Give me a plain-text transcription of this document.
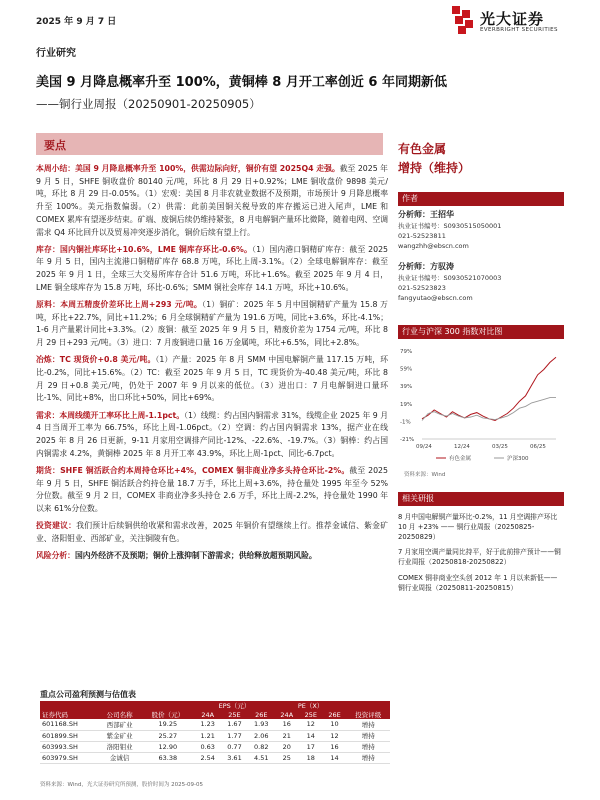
2025 年 9 月 7 日	光大证券
EVERBRIGHT SECURITIES
行业研究
美国 9 月降息概率升至 100%，黄铜棒 8 月开工率创近 6 年同期新低
——铜行业周报（20250901-20250905）
要点

本周小结：美国 9 月降息概率升至 100%，供需边际向好，铜价有望 2025Q4 走强。截至 2025 年 9 月 5 日，SHFE 铜收盘价 80140 元/吨，环比 8 月 29 日+0.92%；LME 铜收盘价 9898 美元/吨，环比 8 月 29 日-0.05%。（1）宏观：美国 8 月非农就业数据不及预期，市场预计 9 月降息概率升至 100%。美元指数偏弱。（2）供需：此前美国铜关税导致的库存搬运已进入尾声，LME 和 COMEX 累库有望逐步结束。矿端、废铜后续仍维持紧张，8 月电解铜产量环比微降，随着电网、空调需求 Q4 环比回升以及贸易冲突逐步消化，铜价后续有望上行。

库存：国内铜社库环比+10.6%，LME 铜库存环比-0.6%。（1）国内港口铜精矿库存：截至 2025 年 9 月 5 日，国内主流港口铜精矿库存 68.8 万吨，环比上周-3.1%。（2）全球电解铜库存：截至 2025 年 9 月 1 日，全球三大交易所库存合计 51.6 万吨，环比+1.6%。截至 2025 年 9 月 4 日，LME 铜全球库存为 15.8 万吨，环比-0.6%；SMM 铜社会库存 14.1 万吨，环比+10.6%。

原料：本周五精废价差环比上周+293 元/吨。（1）铜矿：2025 年 5 月中国铜精矿产量为 15.8 万吨，环比+22.7%，同比+11.2%；6 月全球铜精矿产量为 191.6 万吨，同比+3.6%，环比-4.1%；1-6 月产量累计同比+3.3%。（2）废铜：截至 2025 年 9 月 5 日，精废价差为 1754 元/吨，环比 8 月 29 日+293 元/吨。（3）进口：7 月废铜进口量 16 万金属吨，环比+6.5%，同比+2.8%。

冶炼：TC 现货价+0.8 美元/吨。（1）产量：2025 年 8 月 SMM 中国电解铜产量 117.15 万吨，环比-0.2%，同比+15.6%。（2）TC：截至 2025 年 9 月 5 日，TC 现货价为-40.48 美元/吨，环比 8 月 29 日+0.8 美元/吨，仍处于 2007 年 9 月以来的低位。（3）进出口：7 月电解铜进口量环比-1%、同比+8%，出口环比+50%，同比+69%。

需求：本周线缆开工率环比上周-1.1pct。（1）线缆：约占国内铜需求 31%，线缆企业 2025 年 9 月 4 日当周开工率为 66.75%，环比上周-1.06pct。（2）空调：约占国内铜需求 13%，据产业在线 2025 年 8 月 26 日更新，9-11 月家用空调排产同比-12%、-22.6%、-19.7%。（3）铜棒：约占国内铜需求 4.2%，黄铜棒 2025 年 8 月开工率 43.9%，环比上周-1pct、同比-6.7pct。

期货：SHFE 铜活跃合约本周持仓环比+4%，COMEX 铜非商业净多头持仓环比-2%。截至 2025 年 9 月 5 日，SHFE 铜活跃合约持仓量 18.7 万手，环比上周+3.6%，持仓量处 1995 年至今 52%分位数。截至 9 月 2 日，COMEX 非商业净多头持仓 2.6 万手，环比上周-2.2%，持仓量处 1990 年以来 61%分位数。

投资建议：我们预计后续铜供给收紧和需求改善，2025 年铜价有望继续上行。推荐金诚信、紫金矿业、洛阳钼业、西部矿业，关注铜陵有色。

风险分析：国内外经济不及预期；铜价上涨抑制下游需求；供给释放超预期风险。

重点公司盈利预测与估值表
			EPS（元）			PE（X）			
证券代码	公司名称	股价（元）	24A	25E	26E	24A	25E	26E	投资评级
601168.SH	西部矿业	19.25	1.23	1.67	1.93	16	12	10	增持
601899.SH	紫金矿业	25.27	1.21	1.77	2.06	21	14	12	增持
603993.SH	洛阳钼业	12.90	0.63	0.77	0.82	20	17	16	增持
603979.SH	金诚信	63.38	2.54	3.61	4.51	25	18	14	增持
资料来源：Wind，光大证券研究所预测，股价时间为 2025-09-05
有色金属
增持（维持）
作者
分析师：王招华
执业证书编号：S0930515050001
021-52523811
wangzhh@ebscn.com
分析师：方驭涛
执业证书编号：S0930521070003
021-52523823
fangyutao@ebscn.com
行业与沪深 300 指数对比图
79%
59%
39%
19%
-1%
-21%
09/24	12/24	03/25	06/25
有色金属	沪深300
资料来源：Wind
相关研报
8 月中国电解铜产量环比-0.2%，11 月空调排产环比 10 月 +23% —— 铜行业周报（20250825-20250829）
7 月家用空调产量同比持平，好于此前排产预计——铜行业周报（20250818-20250822）
COMEX 铜非商业空头创 2012 年 1 月以来新低——铜行业周报（20250811-20250815）
